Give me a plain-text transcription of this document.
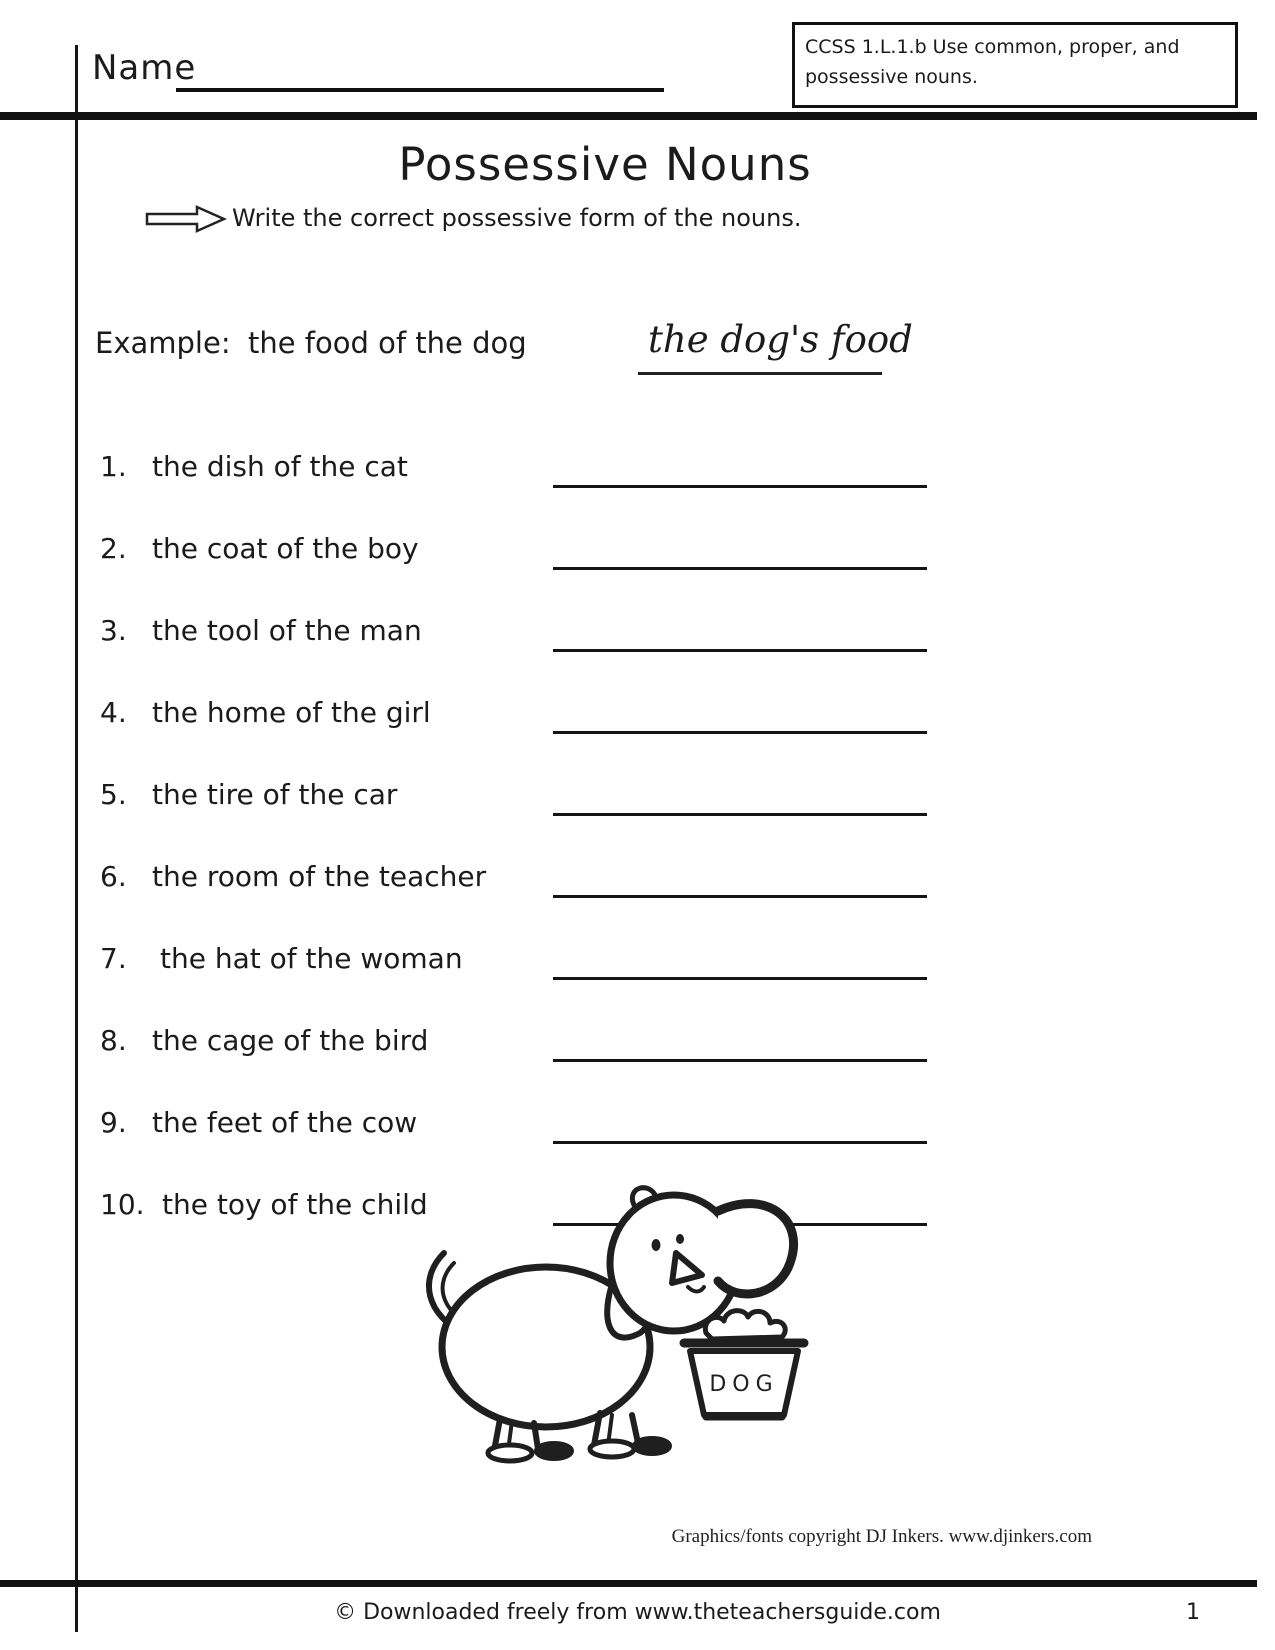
Name
CCSS 1.L.1.b Use common, proper, and
possessive nouns.
Possessive Nouns
Write the correct possessive form of the nouns.
Example: the food of the dog	the dog's food
1. the dish of the cat
2. the coat of the boy
3. the tool of the man
4. the home of the girl
5. the tire of the car
6. the room of the teacher
7. the hat of the woman
8. the cage of the bird
9. the feet of the cow
10. the toy of the child
DOG
Graphics/fonts copyright DJ Inkers. www.djinkers.com
© Downloaded freely from www.theteachersguide.com	1
